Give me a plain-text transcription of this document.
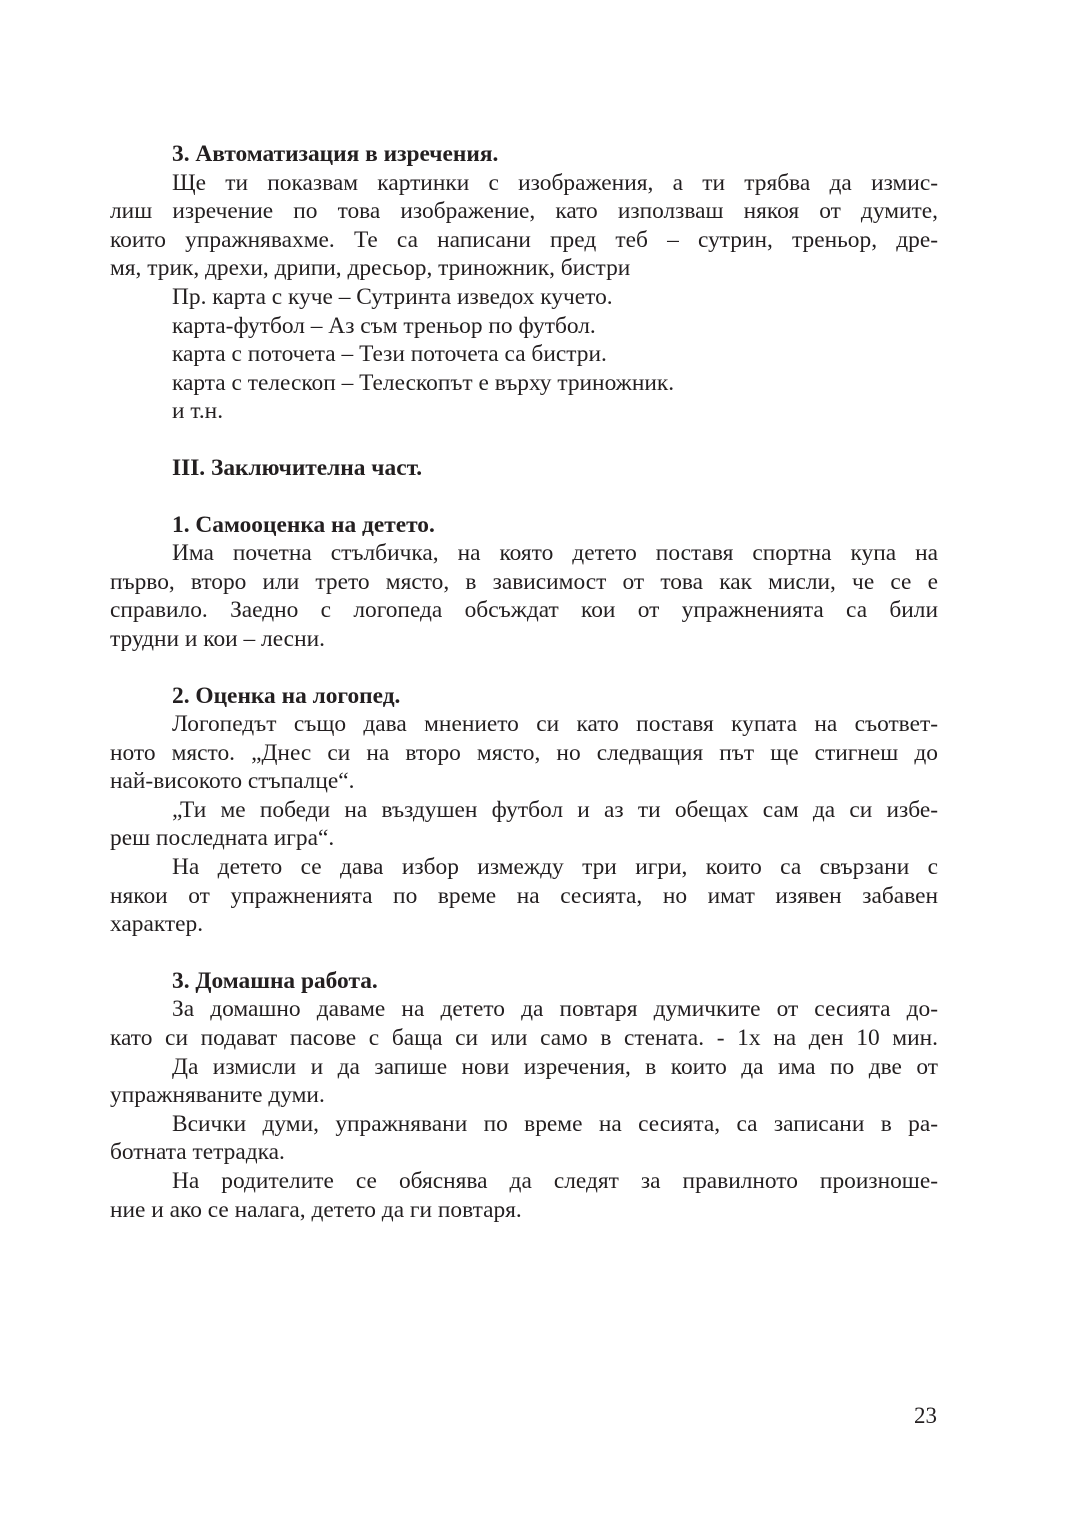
3. Автоматизация в изречения.

Ще ти показвам картинки с изображения, а ти трябва да измис-

лиш изречение по това изображение, като използваш някоя от думите,

които упражнявахме. Те са написани пред теб – сутрин, треньор, дре-

мя, трик, дрехи, дрипи, дресьор, триножник, бистри

Пр. карта с куче – Сутринта изведох кучето.

карта-футбол – Аз съм треньор по футбол.

карта с поточета – Тези поточета са бистри.

карта с телескоп – Телескопът е върху триножник.

и т.н.

III. Заключителна част.

1. Самооценка на детето.

Има почетна стълбичка, на която детето поставя спортна купа на

първо, второ или трето място, в зависимост от това как мисли, че се е

справило. Заедно с логопеда обсъждат кои от упражненията са били

трудни и кои – лесни.

2. Оценка на логопед.

Логопедът също дава мнението си като поставя купата на съответ-

ното място. „Днес си на второ място, но следващия път ще стигнеш до

най-високото стъпалце“.

„Ти ме победи на въздушен футбол и аз ти обещах сам да си избе-

реш последната игра“.

На детето се дава избор измежду три игри, които са свързани с

някои от упражненията по време на сесията, но имат изявен забавен

характер.

3. Домашна работа.

За домашно даваме на детето да повтаря думичките от сесията до-

като си подават пасове с баща си или само в стената. - 1х на ден 10 мин.

Да измисли и да запише нови изречения, в които да има по две от

упражняваните думи.

Всички думи, упражнявани по време на сесията, са записани в ра-

ботната тетрадка.

На родителите се обяснява да следят за правилното произноше-

ние и ако се налага, детето да ги повтаря.

23
